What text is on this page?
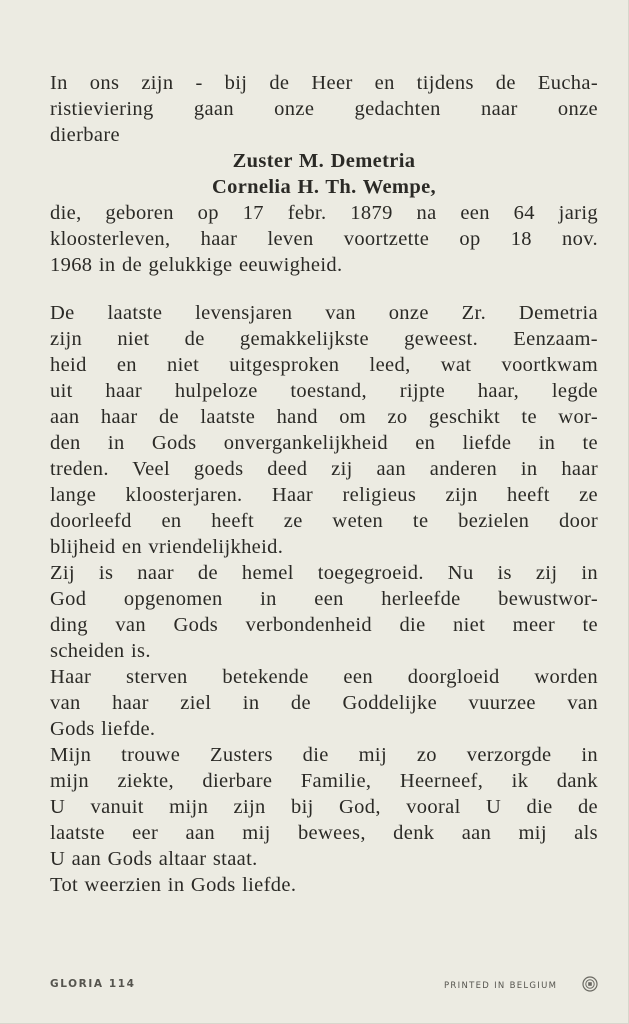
In ons zijn - bij de Heer en tijdens de Eucha-
ristieviering gaan onze gedachten naar onze
dierbare
Zuster M. Demetria
Cornelia H. Th. Wempe,
die, geboren op 17 febr. 1879 na een 64 jarig
kloosterleven, haar leven voortzette op 18 nov.
1968 in de gelukkige eeuwigheid.
De laatste levensjaren van onze Zr. Demetria
zijn niet de gemakkelijkste geweest. Eenzaam-
heid en niet uitgesproken leed, wat voortkwam
uit haar hulpeloze toestand, rijpte haar, legde
aan haar de laatste hand om zo geschikt te wor-
den in Gods onvergankelijkheid en liefde in te
treden. Veel goeds deed zij aan anderen in haar
lange kloosterjaren. Haar religieus zijn heeft ze
doorleefd en heeft ze weten te bezielen door
blijheid en vriendelijkheid.
Zij is naar de hemel toegegroeid. Nu is zij in
God opgenomen in een herleefde bewustwor-
ding van Gods verbondenheid die niet meer te
scheiden is.
Haar sterven betekende een doorgloeid worden
van haar ziel in de Goddelijke vuurzee van
Gods liefde.
Mijn trouwe Zusters die mij zo verzorgde in
mijn ziekte, dierbare Familie, Heerneef, ik dank
U vanuit mijn zijn bij God, vooral U die de
laatste eer aan mij bewees, denk aan mij als
U aan Gods altaar staat.
Tot weerzien in Gods liefde.
GLORIA 114	PRINTED IN BELGIUM
